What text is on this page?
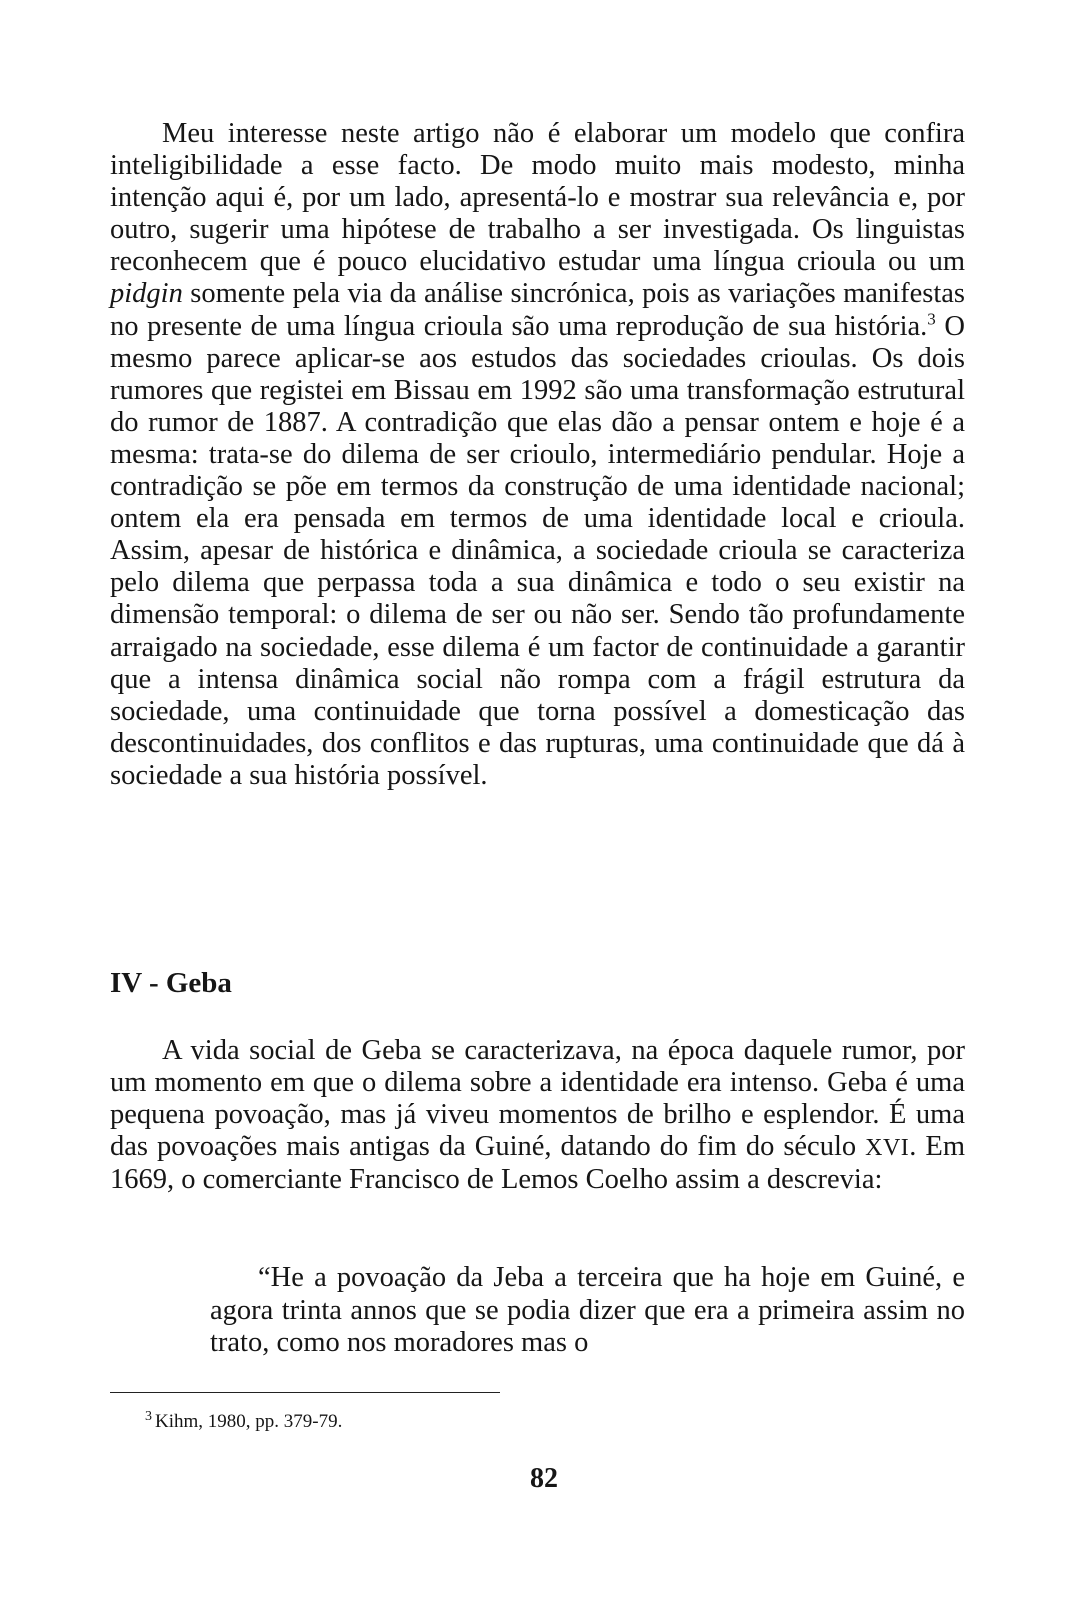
Meu interesse neste artigo não é elaborar um modelo que confira inteligibilidade a esse facto. De modo muito mais modesto, minha intenção aqui é, por um lado, apresentá-lo e mostrar sua relevância e, por outro, sugerir uma hipótese de trabalho a ser investigada. Os linguistas reconhecem que é pouco elucidativo estudar uma língua crioula ou um pidgin somente pela via da análise sincrónica, pois as variações manifestas no presente de uma língua crioula são uma reprodução de sua história.$^3$ O mesmo parece aplicar-se aos estudos das sociedades crioulas. Os dois rumores que registei em Bissau em 1992 são uma transformação estrutural do rumor de 1887. A contradição que elas dão a pensar ontem e hoje é a mesma: trata-se do dilema de ser crioulo, intermediário pendular. Hoje a contradição se põe em termos da construção de uma identidade nacional; ontem ela era pensada em termos de uma identidade local e crioula. Assim, apesar de histórica e dinâmica, a sociedade crioula se caracteriza pelo dilema que perpassa toda a sua dinâmica e todo o seu existir na dimensão temporal: o dilema de ser ou não ser. Sendo tão profundamente arraigado na sociedade, esse dilema é um factor de continuidade a garantir que a intensa dinâmica social não rompa com a frágil estrutura da sociedade, uma continuidade que torna possível a domesticação das descontinuidades, dos conflitos e das rupturas, uma continuidade que dá à sociedade a sua história possível.

IV - Geba

A vida social de Geba se caracterizava, na época daquele rumor, por um momento em que o dilema sobre a identidade era intenso. Geba é uma pequena povoação, mas já viveu momentos de brilho e esplendor. É uma das povoações mais antigas da Guiné, datando do fim do século XVI. Em 1669, o comerciante Francisco de Lemos Coelho assim a descrevia:

“He a povoação da Jeba a terceira que ha hoje em Guiné, e agora trinta annos que se podia dizer que era a primeira assim no trato, como nos moradores mas o

$^3$ Kihm, 1980, pp. 379-79.

82
